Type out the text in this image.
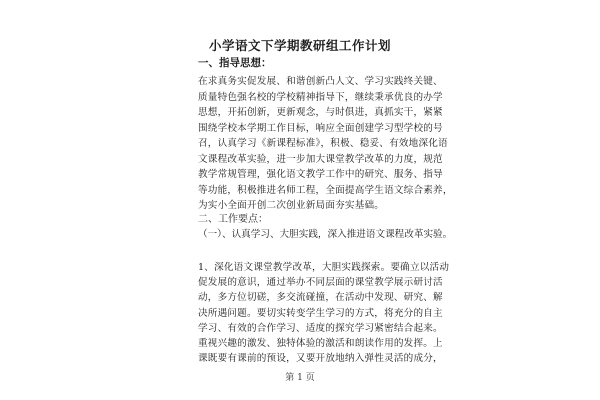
小学语文下学期教研组工作计划
一、指导思想：

在求真务实促发展、和谐创新凸人文、学习实践终关键、

质量特色强名校的学校精神指导下，继续秉承优良的办学

思想，开拓创新，更新观念，与时俱进，真抓实干，紧紧

围绕学校本学期工作目标，响应全面创建学习型学校的号

召，认真学习《新课程标准》，积极、稳妥、有效地深化语

文课程改革实验，进一步加大课堂教学改革的力度，规范

教学常规管理，强化语文教学工作中的研究、服务、指导

等功能，积极推进名师工程，全面提高学生语文综合素养，

为实小全面开创二次创业新局面夯实基础。

二、工作要点：
（一）、认真学习、大胆实践，深入推进语文课程改革实验。

1、深化语文课堂教学改革，大胆实践探索。要确立以活动

促发展的意识，通过举办不同层面的课堂教学展示研讨活

动，多方位切磋，多交流碰撞，在活动中发现、研究、解

决所遇问题。要切实转变学生学习的方式，将充分的自主

学习、有效的合作学习、适度的探究学习紧密结合起来。

重视兴趣的激发、独特体验的激活和朗读作用的发挥。上

课既要有课前的预设，又要开放地纳入弹性灵活的成分，

第 1 页
